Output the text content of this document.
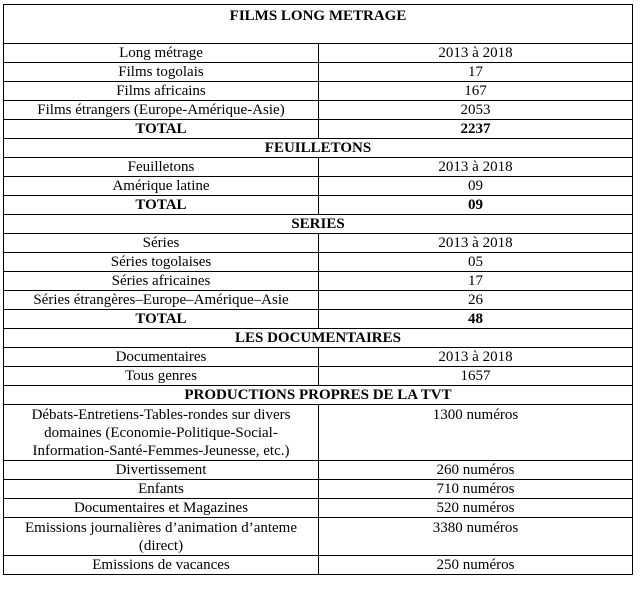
FILMS LONG METRAGE	
Long métrage	2013 à 2018
Films togolais	17
Films africains	167
Films étrangers (Europe-Amérique-Asie)	2053
TOTAL	2237
FEUILLETONS	
Feuilletons	2013 à 2018
Amérique latine	09
TOTAL	09
SERIES	
Séries	2013 à 2018
Séries togolaises	05
Séries africaines	17
Séries étrangères–Europe–Amérique–Asie	26
TOTAL	48
LES DOCUMENTAIRES	
Documentaires	2013 à 2018
Tous genres	1657
PRODUCTIONS PROPRES DE LA TVT	
Débats-Entretiens-Tables-rondes sur divers domaines (Economie-Politique-Social-Information-Santé-Femmes-Jeunesse, etc.)	1300 numéros
Divertissement	260 numéros
Enfants	710 numéros
Documentaires et Magazines	520 numéros
Emissions journalières d’animation d’anteme (direct)	3380 numéros
Emissions de vacances	250 numéros
